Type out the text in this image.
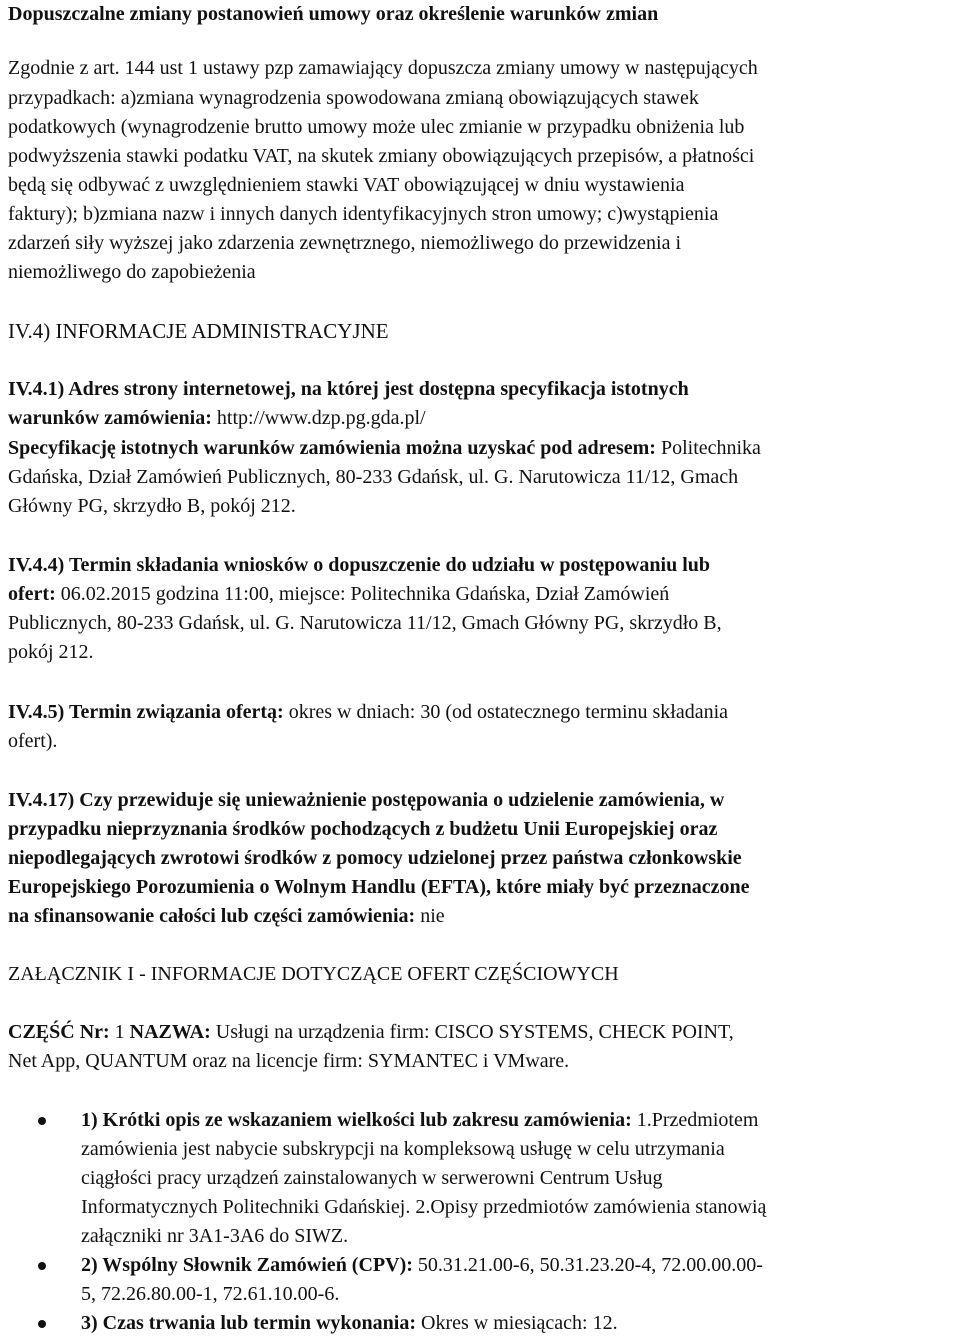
Dopuszczalne zmiany postanowień umowy oraz określenie warunków zmian
Zgodnie z art. 144 ust 1 ustawy pzp zamawiający dopuszcza zmiany umowy w następujących
przypadkach: a)zmiana wynagrodzenia spowodowana zmianą obowiązujących stawek
podatkowych (wynagrodzenie brutto umowy może ulec zmianie w przypadku obniżenia lub
podwyższenia stawki podatku VAT, na skutek zmiany obowiązujących przepisów, a płatności
będą się odbywać z uwzględnieniem stawki VAT obowiązującej w dniu wystawienia
faktury); b)zmiana nazw i innych danych identyfikacyjnych stron umowy; c)wystąpienia
zdarzeń siły wyższej jako zdarzenia zewnętrznego, niemożliwego do przewidzenia i
niemożliwego do zapobieżenia
IV.4) INFORMACJE ADMINISTRACYJNE
IV.4.1) Adres strony internetowej, na której jest dostępna specyfikacja istotnych
warunków zamówienia: http://www.dzp.pg.gda.pl/
Specyfikację istotnych warunków zamówienia można uzyskać pod adresem: Politechnika
Gdańska, Dział Zamówień Publicznych, 80-233 Gdańsk, ul. G. Narutowicza 11/12, Gmach
Główny PG, skrzydło B, pokój 212.
IV.4.4) Termin składania wniosków o dopuszczenie do udziału w postępowaniu lub
ofert: 06.02.2015 godzina 11:00, miejsce: Politechnika Gdańska, Dział Zamówień
Publicznych, 80-233 Gdańsk, ul. G. Narutowicza 11/12, Gmach Główny PG, skrzydło B,
pokój 212.
IV.4.5) Termin związania ofertą: okres w dniach: 30 (od ostatecznego terminu składania
ofert).
IV.4.17) Czy przewiduje się unieważnienie postępowania o udzielenie zamówienia, w
przypadku nieprzyznania środków pochodzących z budżetu Unii Europejskiej oraz
niepodlegających zwrotowi środków z pomocy udzielonej przez państwa członkowskie
Europejskiego Porozumienia o Wolnym Handlu (EFTA), które miały być przeznaczone
na sfinansowanie całości lub części zamówienia: nie
ZAŁĄCZNIK I - INFORMACJE DOTYCZĄCE OFERT CZĘŚCIOWYCH
CZĘŚĆ Nr: 1 NAZWA: Usługi na urządzenia firm: CISCO SYSTEMS, CHECK POINT,
Net App, QUANTUM oraz na licencje firm: SYMANTEC i VMware.
1) Krótki opis ze wskazaniem wielkości lub zakresu zamówienia: 1.Przedmiotem
zamówienia jest nabycie subskrypcji na kompleksową usługę w celu utrzymania
ciągłości pracy urządzeń zainstalowanych w serwerowni Centrum Usług
Informatycznych Politechniki Gdańskiej. 2.Opisy przedmiotów zamówienia stanowią
załączniki nr 3A1-3A6 do SIWZ.
2) Wspólny Słownik Zamówień (CPV): 50.31.21.00-6, 50.31.23.20-4, 72.00.00.00-
5, 72.26.80.00-1, 72.61.10.00-6.
3) Czas trwania lub termin wykonania: Okres w miesiącach: 12.
